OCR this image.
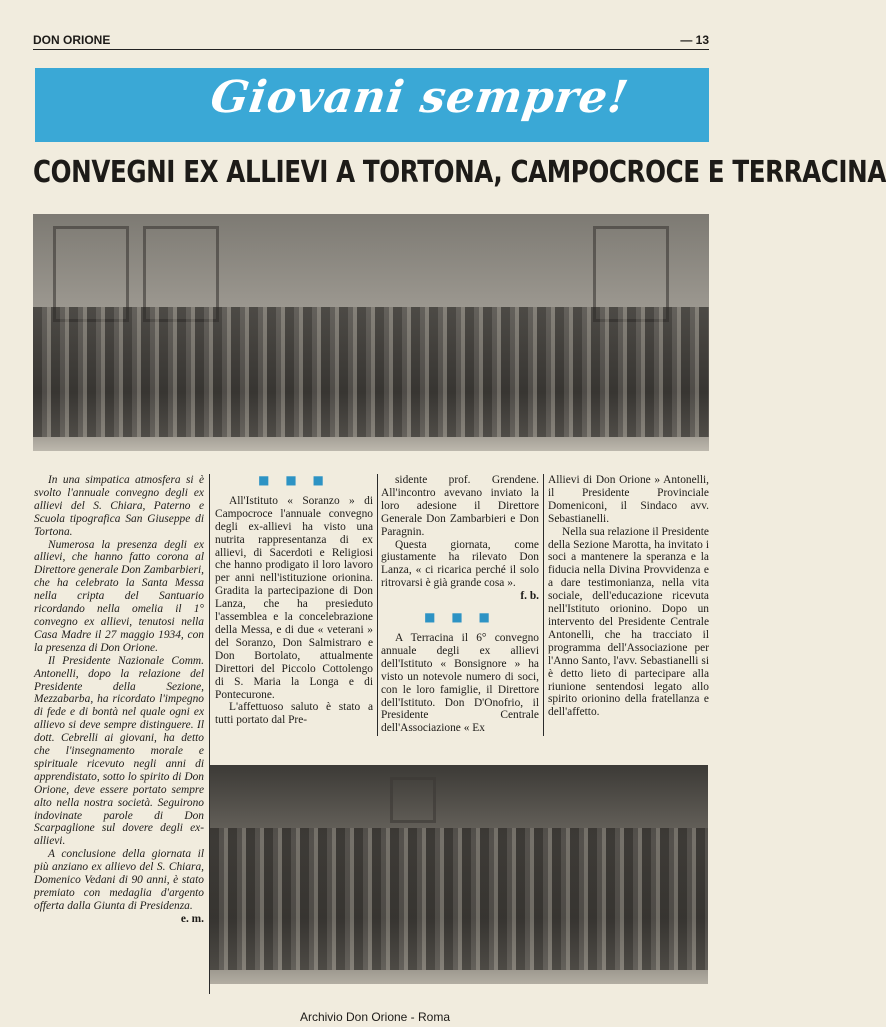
DON ORIONE	— 13
Giovani sempre!
CONVEGNI EX ALLIEVI A TORTONA, CAMPOCROCE E TERRACINA

In una simpatica atmosfera si è svolto l'annuale convegno degli ex allievi del S. Chiara, Paterno e Scuola tipografica San Giuseppe di Tortona.

Numerosa la presenza degli ex allievi, che hanno fatto corona al Direttore generale Don Zambarbieri, che ha celebrato la Santa Messa nella cripta del Santuario ricordando nella omelia il 1° convegno ex allievi, tenutosi nella Casa Madre il 27 maggio 1934, con la presenza di Don Orione.

Il Presidente Nazionale Comm. Antonelli, dopo la relazione del Presidente della Sezione, Mezzabarba, ha ricordato l'impegno di fede e di bontà nel quale ogni ex allievo si deve sempre distinguere. Il dott. Cebrelli ai giovani, ha detto che l'insegnamento morale e spirituale ricevuto negli anni di apprendistato, sotto lo spirito di Don Orione, deve essere portato sempre alto nella nostra società. Seguirono indovinate parole di Don Scarpaglione sul dovere degli ex-allievi.

A conclusione della giornata il più anziano ex allievo del S. Chiara, Domenico Vedani di 90 anni, è stato premiato con medaglia d'argento offerta dalla Giunta di Presidenza.

e. m.

■ ■ ■

All'Istituto « Soranzo » di Campocroce l'annuale convegno degli ex-allievi ha visto una nutrita rappresentanza di ex allievi, di Sacerdoti e Religiosi che hanno prodigato il loro lavoro per anni nell'istituzione orionina. Gradita la partecipazione di Don Lanza, che ha presieduto l'assemblea e la concelebrazione della Messa, e di due « veterani » del Soranzo, Don Salmistraro e Don Bortolato, attualmente Direttori del Piccolo Cottolengo di S. Maria la Longa e di Pontecurone.

L'affettuoso saluto è stato a tutti portato dal Pre-

sidente prof. Grendene. All'incontro avevano inviato la loro adesione il Direttore Generale Don Zambarbieri e Don Paragnin.

Questa giornata, come giustamente ha rilevato Don Lanza, « ci ricarica perché il solo ritrovarsi è già grande cosa ».

f. b.

■ ■ ■

A Terracina il 6° convegno annuale degli ex allievi dell'Istituto « Bonsignore » ha visto un notevole numero di soci, con le loro famiglie, il Direttore dell'Istituto. Don D'Onofrio, il Presidente Centrale dell'Associazione « Ex

Allievi di Don Orione » Antonelli, il Presidente Provinciale Domeniconi, il Sindaco avv. Sebastianelli.

Nella sua relazione il Presidente della Sezione Marotta, ha invitato i soci a mantenere la speranza e la fiducia nella Divina Provvidenza e a dare testimonianza, nella vita sociale, dell'educazione ricevuta nell'Istituto orionino. Dopo un intervento del Presidente Centrale Antonelli, che ha tracciato il programma dell'Associazione per l'Anno Santo, l'avv. Sebastianelli si è detto lieto di partecipare alla riunione sentendosi legato allo spirito orionino della fratellanza e dell'affetto.

Archivio Don Orione - Roma
